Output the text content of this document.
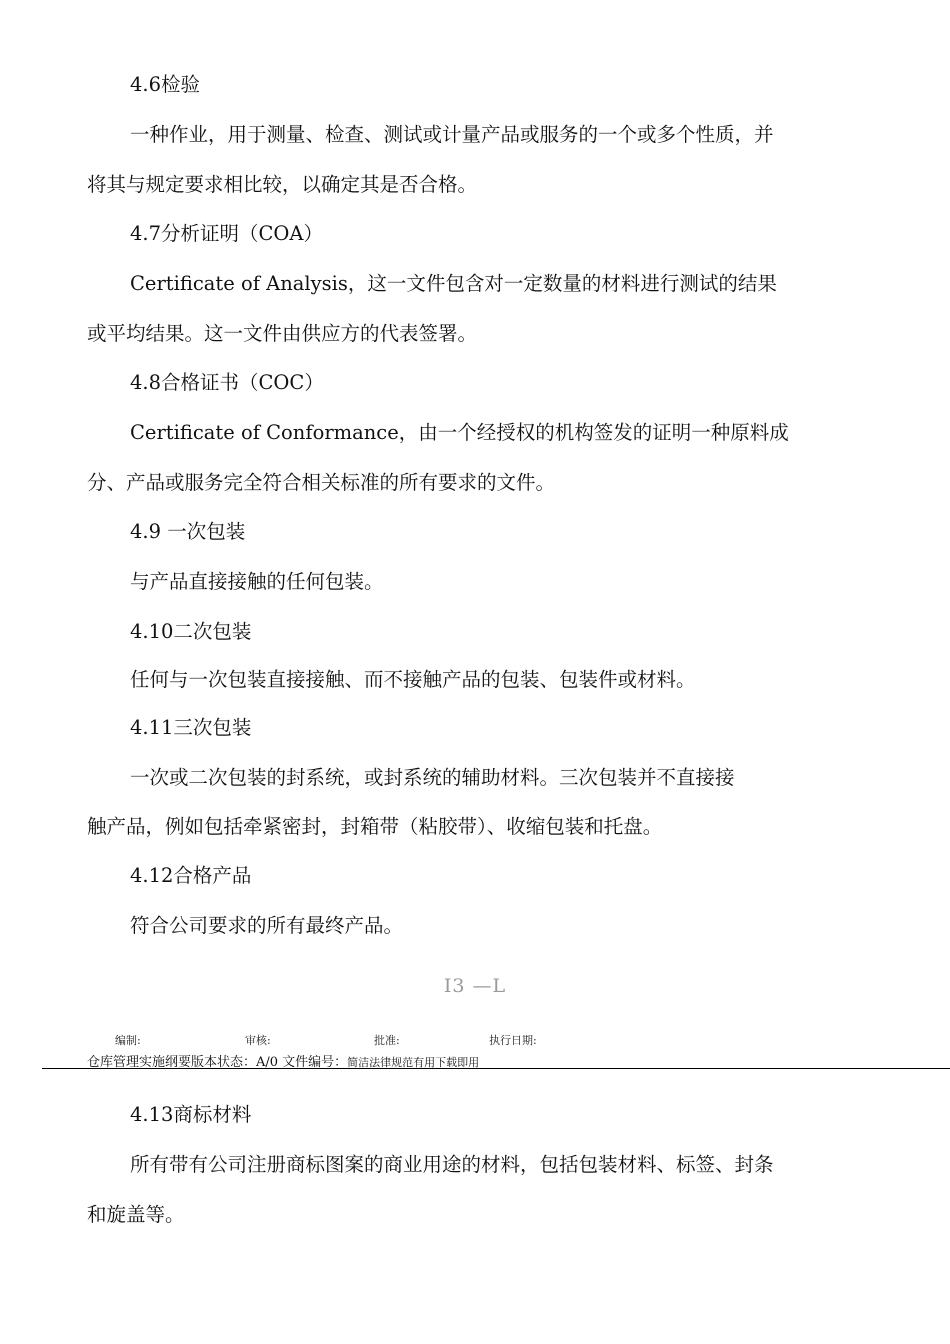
4.6检验
一种作业，用于测量、检查、测试或计量产品或服务的一个或多个性质，并
将其与规定要求相比较，以确定其是否合格。
4.7分析证明（COA）
Certificate of Analysis，这一文件包含对一定数量的材料进行测试的结果
或平均结果。这一文件由供应方的代表签署。
4.8合格证书（COC）
Certificate of Conformance，由一个经授权的机构签发的证明一种原料成
分、产品或服务完全符合相关标准的所有要求的文件。
4.9 一次包装
与产品直接接触的任何包装。
4.10二次包装
任何与一次包装直接接触、而不接触产品的包装、包装件或材料。
4.11三次包装
一次或二次包装的封系统，或封系统的辅助材料。三次包装并不直接接
触产品，例如包括牵紧密封，封箱带（粘胶带）、收缩包装和托盘。
4.12合格产品
符合公司要求的所有最终产品。
I3 —L
编制:	审核:	批准:	执行日期:
仓库管理实施纲要版本状态：A/0 文件编号：简洁法律规范有用下载即用
4.13商标材料
所有带有公司注册商标图案的商业用途的材料，包括包装材料、标签、封条
和旋盖等。
